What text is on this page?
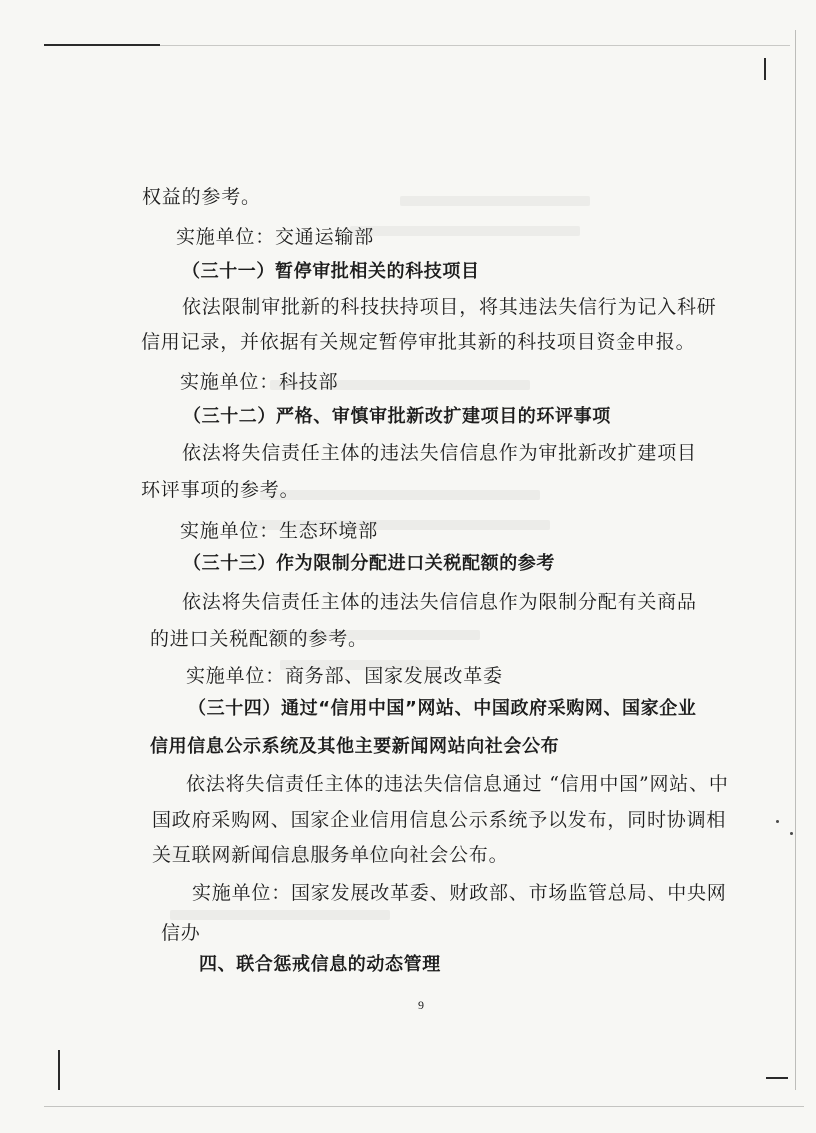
权益的参考。
实施单位：交通运输部
（三十一）暂停审批相关的科技项目
依法限制审批新的科技扶持项目，将其违法失信行为记入科研
信用记录，并依据有关规定暂停审批其新的科技项目资金申报。
实施单位：科技部
（三十二）严格、审慎审批新改扩建项目的环评事项
依法将失信责任主体的违法失信信息作为审批新改扩建项目
环评事项的参考。
实施单位：生态环境部
（三十三）作为限制分配进口关税配额的参考
依法将失信责任主体的违法失信信息作为限制分配有关商品
的进口关税配额的参考。
实施单位：商务部、国家发展改革委
（三十四）通过“信用中国”网站、中国政府采购网、国家企业
信用信息公示系统及其他主要新闻网站向社会公布
依法将失信责任主体的违法失信信息通过 “信用中国”网站、中
国政府采购网、国家企业信用信息公示系统予以发布，同时协调相
关互联网新闻信息服务单位向社会公布。
实施单位：国家发展改革委、财政部、市场监管总局、中央网
信办
四、联合惩戒信息的动态管理
9
